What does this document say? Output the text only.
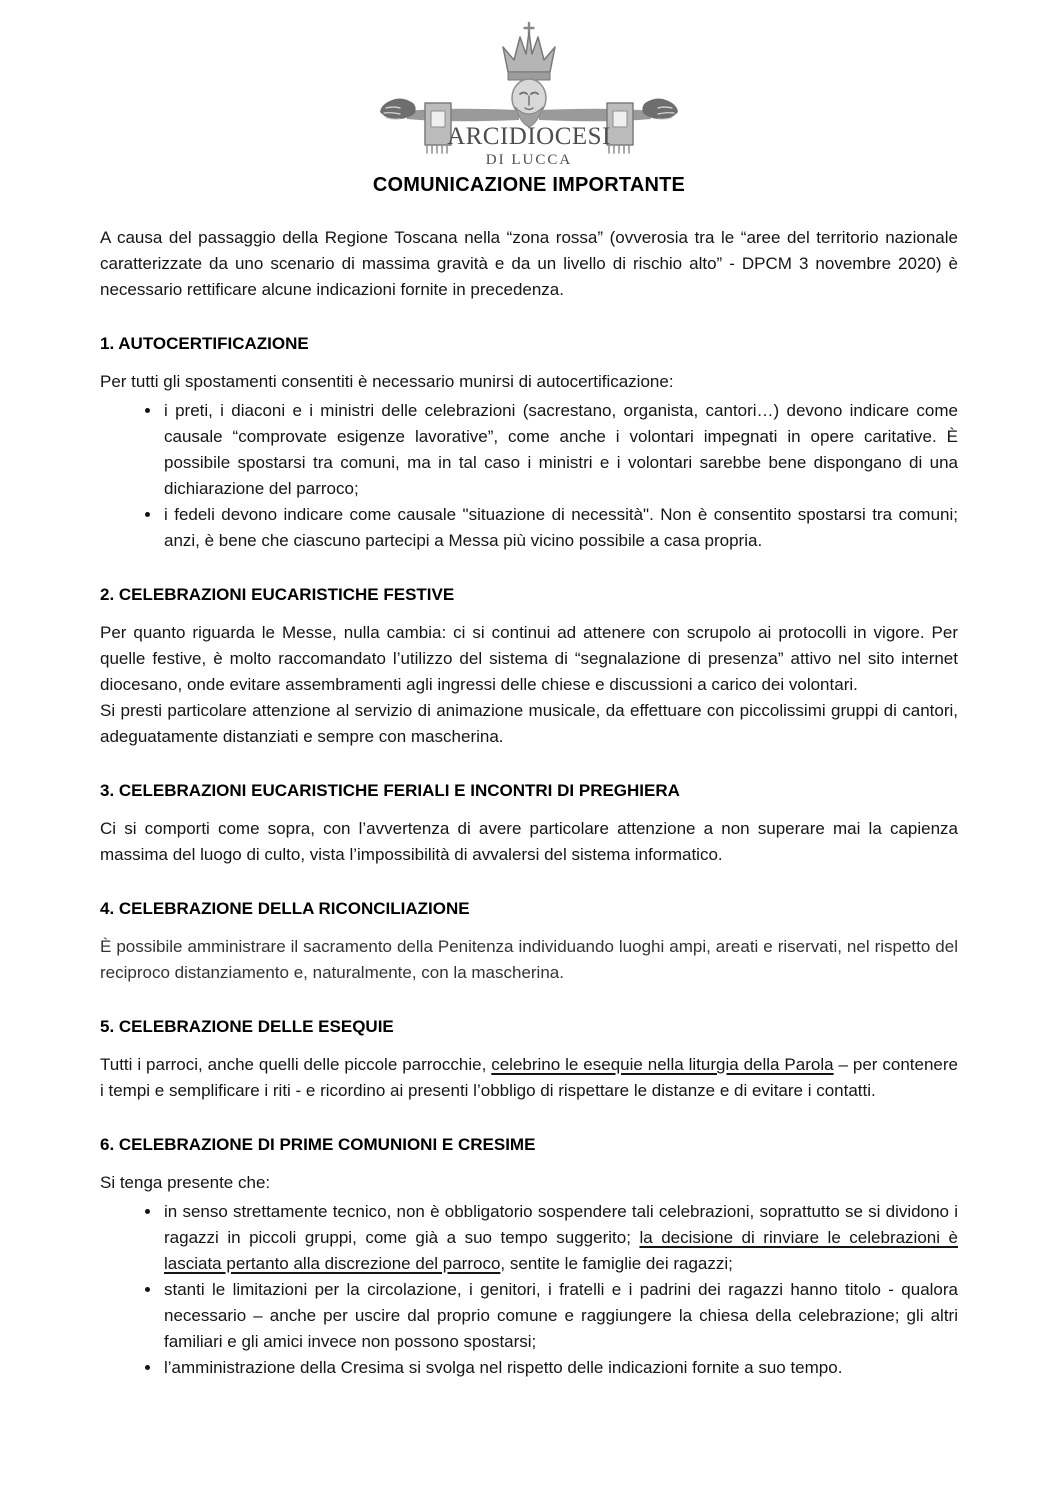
ARCIDIOCESI
DI LUCCA
COMUNICAZIONE IMPORTANTE

A causa del passaggio della Regione Toscana nella “zona rossa” (ovverosia tra le “aree del territorio nazionale caratterizzate da uno scenario di massima gravità e da un livello di rischio alto” - DPCM 3 novembre 2020) è necessario rettificare alcune indicazioni fornite in precedenza.

1. AUTOCERTIFICAZIONE

Per tutti gli spostamenti consentiti è necessario munirsi di autocertificazione:

• i preti, i diaconi e i ministri delle celebrazioni (sacrestano, organista, cantori…) devono indicare come causale “comprovate esigenze lavorative”, come anche i volontari impegnati in opere caritative. È possibile spostarsi tra comuni, ma in tal caso i ministri e i volontari sarebbe bene dispongano di una dichiarazione del parroco;
• i fedeli devono indicare come causale "situazione di necessità". Non è consentito spostarsi tra comuni; anzi, è bene che ciascuno partecipi a Messa più vicino possibile a casa propria.
2. CELEBRAZIONI EUCARISTICHE FESTIVE

Per quanto riguarda le Messe, nulla cambia: ci si continui ad attenere con scrupolo ai protocolli in vigore. Per quelle festive, è molto raccomandato l’utilizzo del sistema di “segnalazione di presenza” attivo nel sito internet diocesano, onde evitare assembramenti agli ingressi delle chiese e discussioni a carico dei volontari.

Si presti particolare attenzione al servizio di animazione musicale, da effettuare con piccolissimi gruppi di cantori, adeguatamente distanziati e sempre con mascherina.

3. CELEBRAZIONI EUCARISTICHE FERIALI E INCONTRI DI PREGHIERA

Ci si comporti come sopra, con l’avvertenza di avere particolare attenzione a non superare mai la capienza massima del luogo di culto, vista l’impossibilità di avvalersi del sistema informatico.

4. CELEBRAZIONE DELLA RICONCILIAZIONE

È possibile amministrare il sacramento della Penitenza individuando luoghi ampi, areati e riservati, nel rispetto del reciproco distanziamento e, naturalmente, con la mascherina.

5. CELEBRAZIONE DELLE ESEQUIE

Tutti i parroci, anche quelli delle piccole parrocchie, celebrino le esequie nella liturgia della Parola – per contenere i tempi e semplificare i riti - e ricordino ai presenti l’obbligo di rispettare le distanze e di evitare i contatti.

6. CELEBRAZIONE DI PRIME COMUNIONI E CRESIME

Si tenga presente che:

• in senso strettamente tecnico, non è obbligatorio sospendere tali celebrazioni, soprattutto se si dividono i ragazzi in piccoli gruppi, come già a suo tempo suggerito; la decisione di rinviare le celebrazioni è lasciata pertanto alla discrezione del parroco, sentite le famiglie dei ragazzi;
• stanti le limitazioni per la circolazione, i genitori, i fratelli e i padrini dei ragazzi hanno titolo - qualora necessario – anche per uscire dal proprio comune e raggiungere la chiesa della celebrazione; gli altri familiari e gli amici invece non possono spostarsi;
• l’amministrazione della Cresima si svolga nel rispetto delle indicazioni fornite a suo tempo.
